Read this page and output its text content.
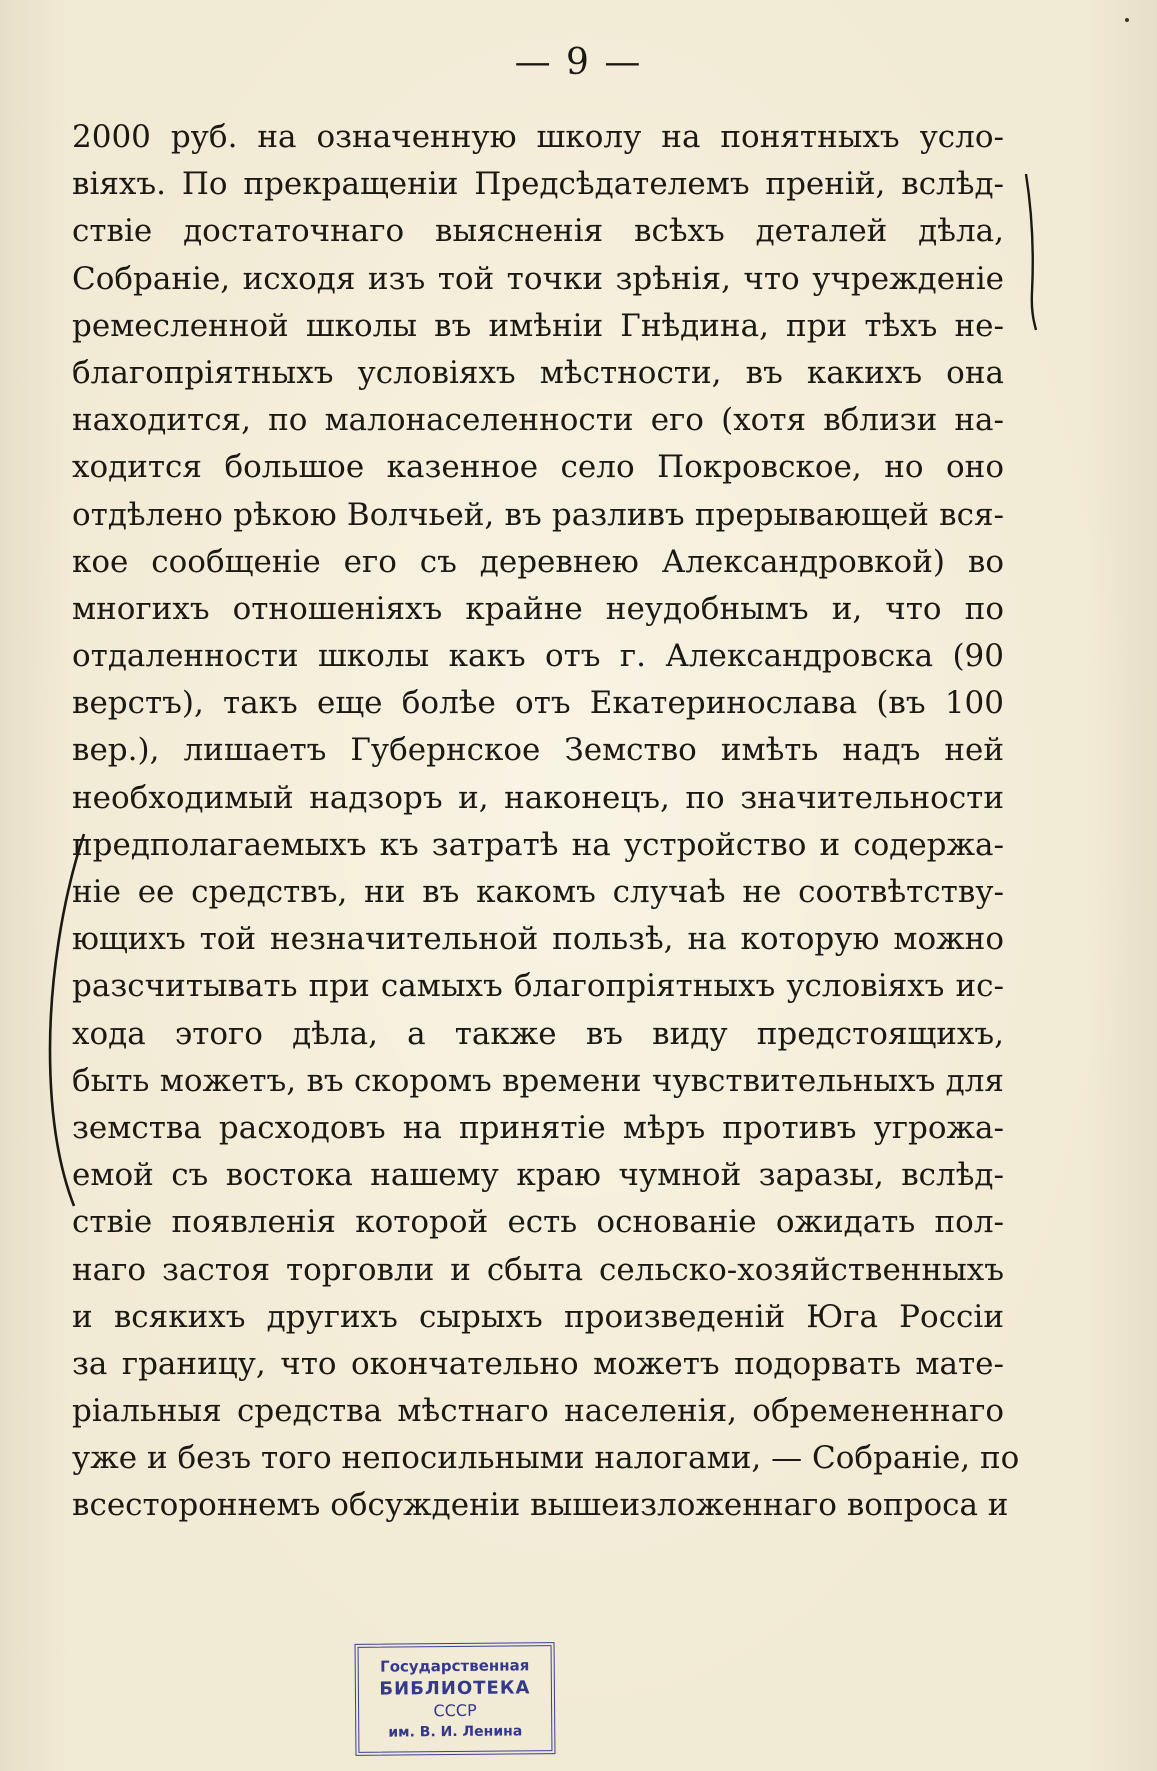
— 9 —
2000 руб. на означенную школу на понятныхъ усло-
віяхъ. По прекращеніи Предсѣдателемъ преній, вслѣд-
ствіе достаточнаго выясненія всѣхъ деталей дѣла,
Собраніе, исходя изъ той точки зрѣнія, что учрежденіе
ремесленной школы въ имѣніи Гнѣдина, при тѣхъ не-
благопріятныхъ условіяхъ мѣстности, въ какихъ она
находится, по малонаселенности его (хотя вблизи на-
ходится большое казенное село Покровское, но оно
отдѣлено рѣкою Волчьей, въ разливъ прерывающей вся-
кое сообщеніе его съ деревнею Александровкой) во
многихъ отношеніяхъ крайне неудобнымъ и, что по
отдаленности школы какъ отъ г. Александровска (90
верстъ), такъ еще болѣе отъ Екатеринослава (въ 100
вер.), лишаетъ Губернское Земство имѣть надъ ней
необходимый надзоръ и, наконецъ, по значительности
предполагаемыхъ къ затратѣ на устройство и содержа-
ніе ее средствъ, ни въ какомъ случаѣ не соотвѣтству-
ющихъ той незначительной пользѣ, на которую можно
разсчитывать при самыхъ благопріятныхъ условіяхъ ис-
хода этого дѣла, а также въ виду предстоящихъ,
быть можетъ, въ скоромъ времени чувствительныхъ для
земства расходовъ на принятіе мѣръ противъ угрожа-
емой съ востока нашему краю чумной заразы, вслѣд-
ствіе появленія которой есть основаніе ожидать пол-
наго застоя торговли и сбыта сельско-хозяйственныхъ
и всякихъ другихъ сырыхъ произведеній Юга Россіи
за границу, что окончательно можетъ подорвать мате-
ріальныя средства мѣстнаго населенія, обремененнаго
уже и безъ того непосильными налогами, — Собраніе, по
всестороннемъ обсужденіи вышеизложеннаго вопроса и
Государственная
БИБЛИОТЕКА
СССР
им. В. И. Ленина
